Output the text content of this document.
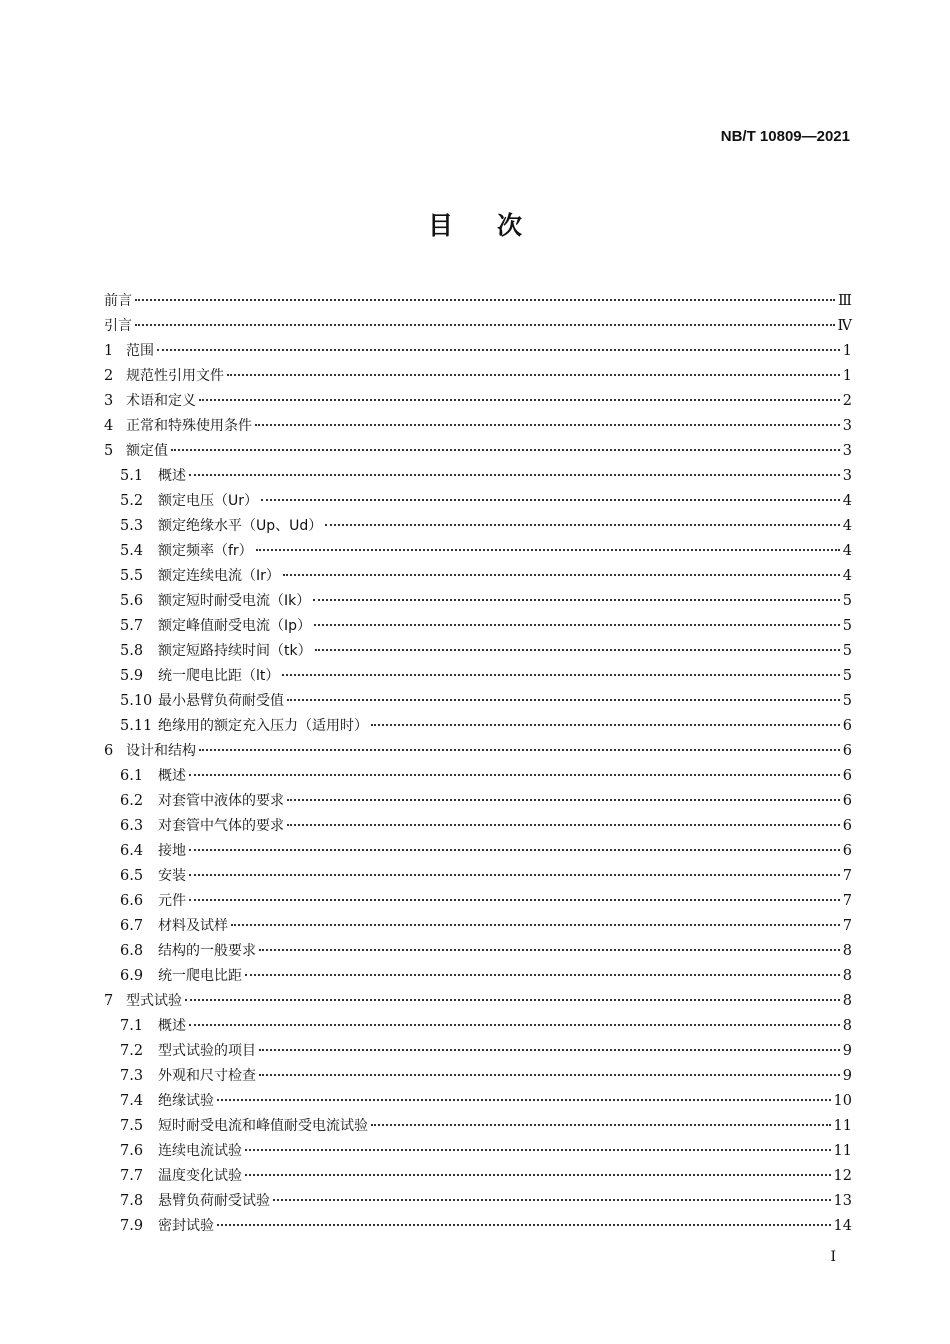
NB/T 10809—2021
目次
前言	Ⅲ
引言	Ⅳ
1 范围	1
2 规范性引用文件	1
3 术语和定义	2
4 正常和特殊使用条件	3
5 额定值	3
5.1	概述	3
5.2	额定电压（Ur）	4
5.3	额定绝缘水平（Up、Ud）	4
5.4	额定频率（fr）	4
5.5	额定连续电流（Ir）	4
5.6	额定短时耐受电流（Ik）	5
5.7	额定峰值耐受电流（Ip）	5
5.8	额定短路持续时间（tk）	5
5.9	统一爬电比距（lt）	5
5.10 最小悬臂负荷耐受值	5
5.11 绝缘用的额定充入压力（适用时）	6
6 设计和结构	6
6.1	概述	6
6.2	对套管中液体的要求	6
6.3	对套管中气体的要求	6
6.4	接地	6
6.5	安装	7
6.6	元件	7
6.7	材料及试样	7
6.8	结构的一般要求	8
6.9	统一爬电比距	8
7 型式试验	8
7.1	概述	8
7.2	型式试验的项目	9
7.3	外观和尺寸检查	9
7.4	绝缘试验	10
7.5	短时耐受电流和峰值耐受电流试验	11
7.6	连续电流试验	11
7.7	温度变化试验	12
7.8	悬臂负荷耐受试验	13
7.9	密封试验	14
I
